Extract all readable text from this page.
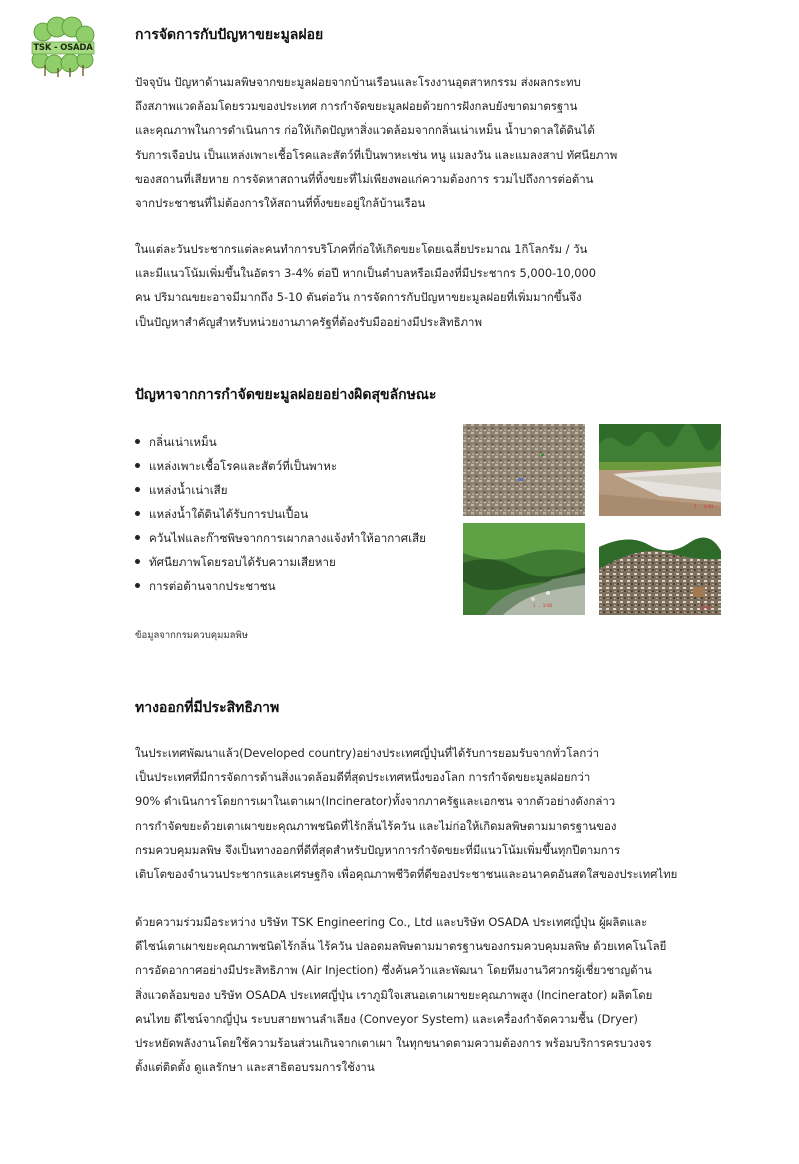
TSK - OSADA
การจัดการกับปัญหาขยะมูลฝอย
ปัจจุบัน ปัญหาด้านมลพิษจากขยะมูลฝอยจากบ้านเรือนและโรงงานอุตสาหกรรม ส่งผลกระทบ
ถึงสภาพแวดล้อมโดยรวมของประเทศ การกำจัดขยะมูลฝอยด้วยการฝังกลบยังขาดมาตรฐาน
และคุณภาพในการดำเนินการ ก่อให้เกิดปัญหาสิ่งแวดล้อมจากกลิ่นเน่าเหม็น น้ำบาดาลใต้ดินได้
รับการเจือปน เป็นแหล่งเพาะเชื้อโรคและสัตว์ที่เป็นพาหะเช่น หนู แมลงวัน และแมลงสาป ทัศนียภาพ
ของสถานที่เสียหาย การจัดหาสถานที่ทิ้งขยะที่ไม่เพียงพอแก่ความต้องการ รวมไปถึงการต่อต้าน
จากประชาชนที่ไม่ต้องการให้สถานที่ทิ้งขยะอยู่ใกล้บ้านเรือน
ในแต่ละวันประชากรแต่ละคนทำการบริโภคที่ก่อให้เกิดขยะโดยเฉลี่ยประมาณ 1กิโลกรัม / วัน
และมีแนวโน้มเพิ่มขึ้นในอัตรา 3-4% ต่อปี หากเป็นตำบลหรือเมืองที่มีประชากร 5,000-10,000
คน ปริมาณขยะอาจมีมากถึง 5-10 ตันต่อวัน การจัดการกับปัญหาขยะมูลฝอยที่เพิ่มมากขึ้นจึง
เป็นปัญหาสำคัญสำหรับหน่วยงานภาครัฐที่ต้องรับมืออย่างมีประสิทธิภาพ
ปัญหาจากการกำจัดขยะมูลฝอยอย่างผิดสุขลักษณะ
กลิ่นเน่าเหม็น
แหล่งเพาะเชื้อโรคและสัตว์ที่เป็นพาหะ
แหล่งน้ำเน่าเสีย
แหล่งน้ำใต้ดินได้รับการปนเปื้อน
ควันไฟและก๊าซพิษจากการเผากลางแจ้งทำให้อากาศเสีย
ทัศนียภาพโดยรอบได้รับความเสียหาย
การต่อต้านจากประชาชน
2 . 3/03
1 . 3/03	3/03
ข้อมูลจากกรมควบคุมมลพิษ
ทางออกที่มีประสิทธิภาพ
ในประเทศพัฒนาแล้ว(Developed country)อย่างประเทศญี่ปุ่นที่ได้รับการยอมรับจากทั่วโลกว่า
เป็นประเทศที่มีการจัดการด้านสิ่งแวดล้อมดีที่สุดประเทศหนึ่งของโลก การกำจัดขยะมูลฝอยกว่า
90% ดำเนินการโดยการเผาในเตาเผา(Incinerator)ทั้งจากภาครัฐและเอกชน จากตัวอย่างดังกล่าว
การกำจัดขยะด้วยเตาเผาขยะคุณภาพชนิดที่ไร้กลิ่นไร้ควัน และไม่ก่อให้เกิดมลพิษตามมาตรฐานของ
กรมควบคุมมลพิษ จึงเป็นทางออกที่ดีที่สุดสำหรับปัญหาการกำจัดขยะที่มีแนวโน้มเพิ่มขึ้นทุกปีตามการ
เติบโตของจำนวนประชากรและเศรษฐกิจ เพื่อคุณภาพชีวิตที่ดีของประชาชนและอนาคตอันสดใสของประเทศไทย
ด้วยความร่วมมือระหว่าง บริษัท TSK Engineering Co., Ltd และบริษัท OSADA ประเทศญี่ปุ่น ผู้ผลิตและ
ดีไซน์เตาเผาขยะคุณภาพชนิดไร้กลิ่น ไร้ควัน ปลอดมลพิษตามมาตรฐานของกรมควบคุมมลพิษ ด้วยเทคโนโลยี
การอัดอากาศอย่างมีประสิทธิภาพ (Air Injection) ซึ่งค้นคว้าและพัฒนา โดยทีมงานวิศวกรผู้เชี่ยวชาญด้าน
สิ่งแวดล้อมของ บริษัท OSADA ประเทศญี่ปุ่น เราภูมิใจเสนอเตาเผาขยะคุณภาพสูง (Incinerator) ผลิตโดย
คนไทย ดีไซน์จากญี่ปุ่น ระบบสายพานลำเลียง (Conveyor System) และเครื่องกำจัดความชื้น (Dryer)
ประหยัดพลังงานโดยใช้ความร้อนส่วนเกินจากเตาเผา ในทุกขนาดตามความต้องการ พร้อมบริการครบวงจร
ตั้งแต่ติดตั้ง ดูแลรักษา และสาธิตอบรมการใช้งาน
